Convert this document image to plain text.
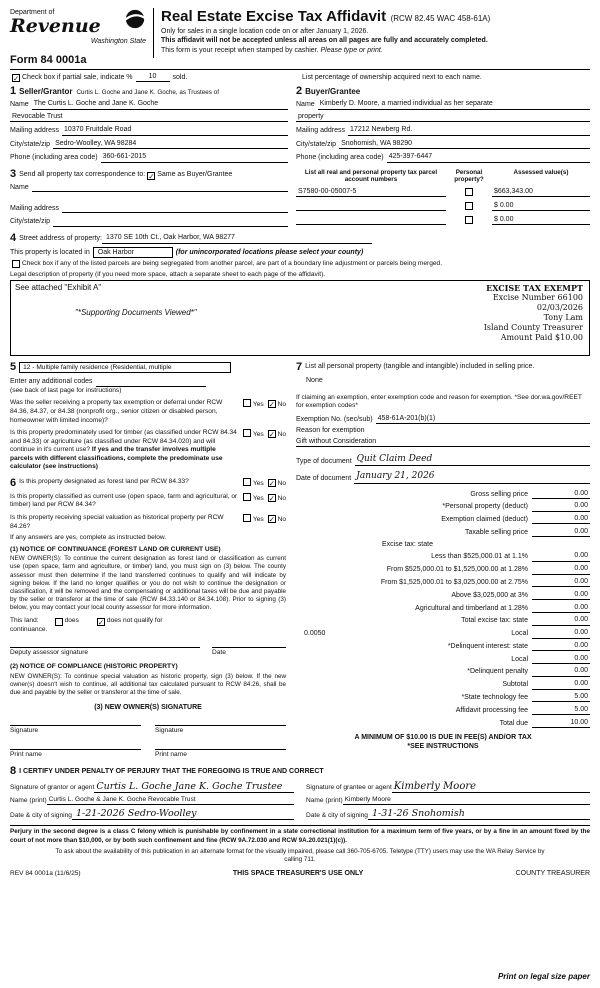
Department of
Revenue
Washington State
Form 84 0001a
Real Estate Excise Tax Affidavit (RCW 82.45 WAC 458-61A)
Only for sales in a single location code on or after January 1, 2026.
This affidavit will not be accepted unless all areas on all pages are fully and accurately completed.
This form is your receipt when stamped by cashier. Please type or print.
✓ Check box if partial sale, indicate %	10	sold.	List percentage of ownership acquired next to each name.
1 Seller/Grantor Curtis L. Goche and Jane K. Goche, as Trustees of
Name The Curtis L. Goche and Jane K. Goche
Revocable Trust
Mailing address 10370 Fruitdale Road
City/state/zip Sedro-Woolley, WA 98284
Phone (including area code) 360-661-2015
2 Buyer/Grantee
Name Kimberly D. Moore, a married individual as her separate
property
Mailing address 17212 Newberg Rd.
City/state/zip Snohomish, WA 98290
Phone (including area code) 425-397-6447
3 Send all property tax correspondence to: ✓ Same as Buyer/Grantee
Name
Mailing address
City/state/zip
List all real and personal property tax parcel account numbers
Personal property?
Assessed value(s)
S7580-00-05007-5	$663,343.00
$ 0.00
$ 0.00
4 Street address of property: 1370 SE 10th Ct., Oak Harbor, WA 98277
This property is located in	Oak Harbor	(for unincorporated locations please select your county)
Check box if any of the listed parcels are being segregated from another parcel, are part of a boundary line adjustment or parcels being merged.
Legal description of property (if you need more space, attach a separate sheet to each page of the affidavit).
See attached "Exhibit A"
"*Supporting Documents Viewed*"
EXCISE TAX EXEMPT
Excise Number 66100
02/03/2026
Tony Lam
Island County Treasurer
Amount Paid $10.00
5	12 - Multiple family residence (Residential, multiple
Enter any additional codes
(see back of last page for instructions)
Was the seller receiving a property tax exemption or deferral under RCW 84.36, 84.37, or 84.38 (nonprofit org., senior citizen or disabled person, homeowner with limited income)?
Yes ✓ No
Is this property predominately used for timber (as classified under RCW 84.34 and 84.33) or agriculture (as classified under RCW 84.34.020) and will continue in it's current use? If yes and the transfer involves multiple parcels with different classifications, complete the predominate use calculator (see instructions)
Yes ✓ No
6 Is this property designated as forest land per RCW 84.33?	Yes ✓ No
Is this property classified as current use (open space, farm and agricultural, or timber) land per RCW 84.34?
Yes ✓ No
Is this property receiving special valuation as historical property per RCW 84.26?
Yes ✓ No
If any answers are yes, complete as instructed below.
(1) NOTICE OF CONTINUANCE (FOREST LAND OR CURRENT USE)
NEW OWNER(S): To continue the current designation as forest land or classification as current use (open space, farm and agriculture, or timber) land, you must sign on (3) below. The county assessor must then determine if the land transferred continues to qualify and will indicate by signing below. If the land no longer qualifies or you do not wish to continue the designation or classification, it will be removed and the compensating or additional taxes will be due and payable by the seller or transferor at the time of sale (RCW 84.33.140 or 84.34.108). Prior to signing (3) below, you may contact your local county assessor for more information.
This land:	does	✓ does not qualify for
continuance.
Deputy assessor signature	Date
(2) NOTICE OF COMPLIANCE (HISTORIC PROPERTY)
NEW OWNER(S): To continue special valuation as historic property, sign (3) below. If the new owner(s) doesn't wish to continue, all additional tax calculated pursuant to RCW 84.26, shall be due and payable by the seller or transferor at the time of sale.
(3) NEW OWNER(S) SIGNATURE
Signature	Signature
Print name	Print name
7 List all personal property (tangible and intangible) included in selling price.
None
If claiming an exemption, enter exemption code and reason for exemption. *See dor.wa.gov/REET for exemption codes*
Exemption No. (sec/sub) 458-61A-201(b)(1)
Reason for exemption
Gift without Consideration
Type of document Quit Claim Deed
Date of document January 21, 2026
Gross selling price	0.00
*Personal property (deduct)	0.00
Exemption claimed (deduct)	0.00
Taxable selling price	0.00
Excise tax: state
Less than $525,000.01 at 1.1%	0.00
From $525,000.01 to $1,525,000.00 at 1.28%	0.00
From $1,525,000.01 to $3,025,000.00 at 2.75%	0.00
Above $3,025,000 at 3%	0.00
Agricultural and timberland at 1.28%	0.00
Total excise tax: state	0.00
0.0050	Local	0.00
*Delinquent interest: state	0.00
Local	0.00
*Delinquent penalty	0.00
Subtotal	0.00
*State technology fee	5.00
Affidavit processing fee	5.00
Total due	10.00
A MINIMUM OF $10.00 IS DUE IN FEE(S) AND/OR TAX
*SEE INSTRUCTIONS
8 I CERTIFY UNDER PENALTY OF PERJURY THAT THE FOREGOING IS TRUE AND CORRECT
Signature of grantor or agent Curtis L. Goche Jane K. Goche Trustee
Name (print) Curtis L. Goche & Jane K. Goche Revocable Trust
Date & city of signing 1-21-2026 Sedro-Woolley
Signature of grantee or agent Kimberly Moore
Name (print) Kimberly Moore
Date & city of signing 1-31-26 Snohomish
Perjury in the second degree is a class C felony which is punishable by confinement in a state correctional institution for a maximum term of five years, or by a fine in an amount fixed by the court of not more than $10,000, or by both such confinement and fine (RCW 9A.72.030 and RCW 9A.20.021(1)(c)).
To ask about the availability of this publication in an alternate format for the visually impaired, please call 360-705-6705. Teletype (TTY) users may use the WA Relay Service by calling 711.
REV 84 0001a (11/6/25)	THIS SPACE TREASURER'S USE ONLY	COUNTY TREASURER
Print on legal size paper
